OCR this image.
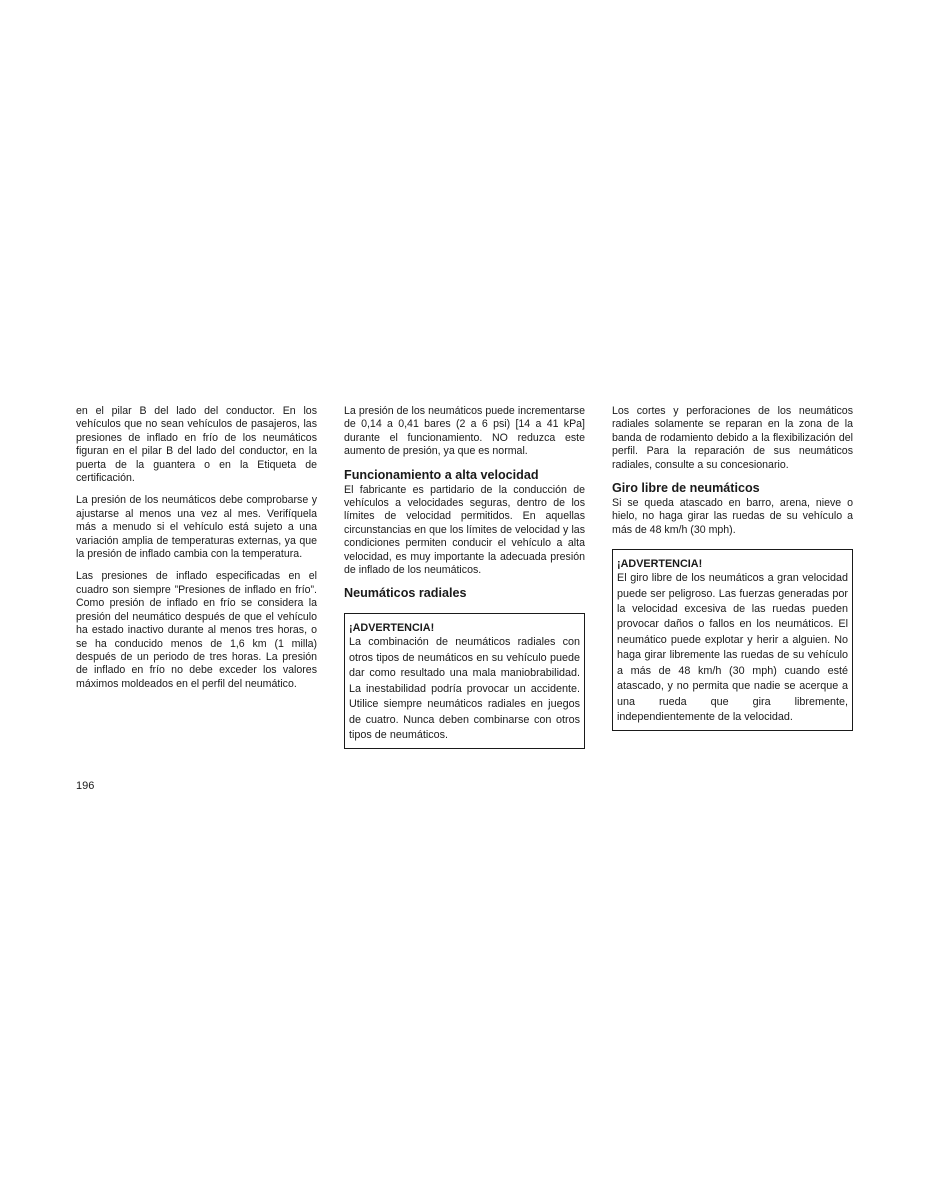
en el pilar B del lado del conductor. En los vehículos que no sean vehículos de pasajeros, las presiones de inflado en frío de los neumáticos figuran en el pilar B del lado del conductor, en la puerta de la guantera o en la Etiqueta de certificación.

La presión de los neumáticos debe comprobarse y ajustarse al menos una vez al mes. Verifíquela más a menudo si el vehículo está sujeto a una variación amplia de temperaturas externas, ya que la presión de inflado cambia con la temperatura.

Las presiones de inflado especificadas en el cuadro son siempre ”Presiones de inflado en frío”. Como presión de inflado en frío se considera la presión del neumático después de que el vehículo ha estado inactivo durante al menos tres horas, o se ha conducido menos de 1,6 km (1 milla) después de un periodo de tres horas. La presión de inflado en frío no debe exceder los valores máximos moldeados en el perfil del neumático.

La presión de los neumáticos puede incrementarse de 0,14 a 0,41 bares (2 a 6 psi) [14 a 41 kPa] durante el funcionamiento. NO reduzca este aumento de presión, ya que es normal.

Funcionamiento a alta velocidad

El fabricante es partidario de la conducción de vehículos a velocidades seguras, dentro de los límites de velocidad permitidos. En aquellas circunstancias en que los límites de velocidad y las condiciones permiten conducir el vehículo a alta velocidad, es muy importante la adecuada presión de inflado de los neumáticos.

Neumáticos radiales
¡ADVERTENCIA!

La combinación de neumáticos radiales con otros tipos de neumáticos en su vehículo puede dar como resultado una mala maniobrabilidad. La inestabilidad podría provocar un accidente. Utilice siempre neumáticos radiales en juegos de cuatro. Nunca deben combinarse con otros tipos de neumáticos.

Los cortes y perforaciones de los neumáticos radiales solamente se reparan en la zona de la banda de rodamiento debido a la flexibilización del perfil. Para la reparación de sus neumáticos radiales, consulte a su concesionario.

Giro libre de neumáticos

Si se queda atascado en barro, arena, nieve o hielo, no haga girar las ruedas de su vehículo a más de 48 km/h (30 mph).

¡ADVERTENCIA!

El giro libre de los neumáticos a gran velocidad puede ser peligroso. Las fuerzas generadas por la velocidad excesiva de las ruedas pueden provocar daños o fallos en los neumáticos. El neumático puede explotar y herir a alguien. No haga girar libremente las ruedas de su vehículo a más de 48 km/h (30 mph) cuando esté atascado, y no permita que nadie se acerque a una rueda que gira libremente, independientemente de la velocidad.

196
